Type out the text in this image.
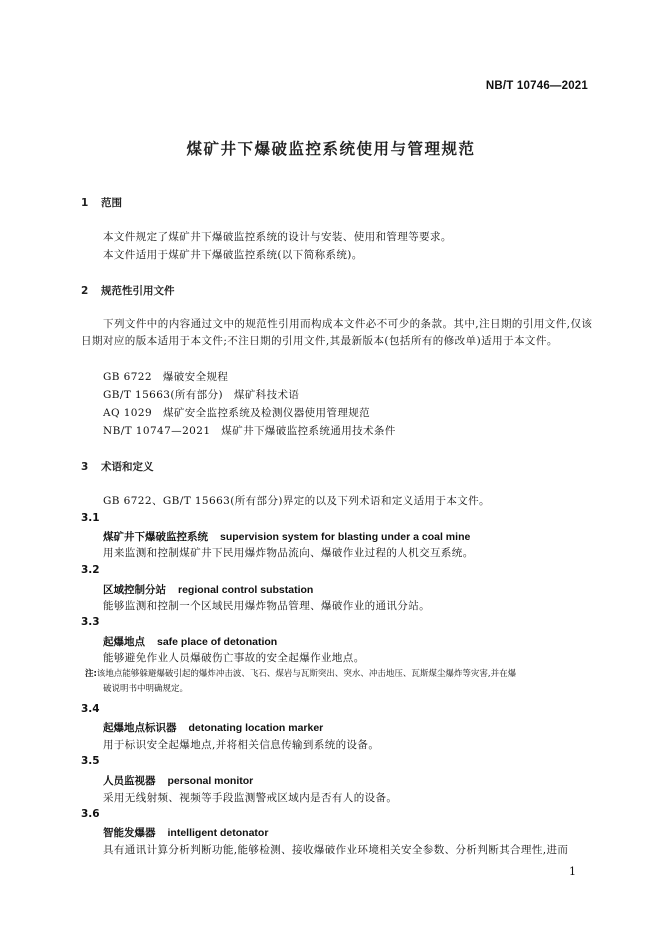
NB/T 10746—2021
煤矿井下爆破监控系统使用与管理规范
1 范围
本文件规定了煤矿井下爆破监控系统的设计与安装、使用和管理等要求。
本文件适用于煤矿井下爆破监控系统(以下简称系统)。
2 规范性引用文件
下列文件中的内容通过文中的规范性引用而构成本文件必不可少的条款。其中,注日期的引用文件,仅该日期对应的版本适用于本文件;不注日期的引用文件,其最新版本(包括所有的修改单)适用于本文件。
GB 6722　爆破安全规程
GB/T 15663(所有部分)　煤矿科技术语
AQ 1029　煤矿安全监控系统及检测仪器使用管理规范
NB/T 10747—2021　煤矿井下爆破监控系统通用技术条件
3 术语和定义
GB 6722、GB/T 15663(所有部分)界定的以及下列术语和定义适用于本文件。
3.1
煤矿井下爆破监控系统 supervision system for blasting under a coal mine
用来监测和控制煤矿井下民用爆炸物品流向、爆破作业过程的人机交互系统。
3.2
区域控制分站 regional control substation
能够监测和控制一个区域民用爆炸物品管理、爆破作业的通讯分站。
3.3
起爆地点 safe place of detonation
能够避免作业人员爆破伤亡事故的安全起爆作业地点。
注:该地点能够躲避爆破引起的爆炸冲击波、飞石、煤岩与瓦斯突出、突水、冲击地压、瓦斯煤尘爆炸等灾害,并在爆
破说明书中明确规定。
3.4
起爆地点标识器 detonating location marker
用于标识安全起爆地点,并将相关信息传输到系统的设备。
3.5
人员监视器 personal monitor
采用无线射频、视频等手段监测警戒区域内是否有人的设备。
3.6
智能发爆器 intelligent detonator
具有通讯计算分析判断功能,能够检测、接收爆破作业环境相关安全参数、分析判断其合理性,进而
1
